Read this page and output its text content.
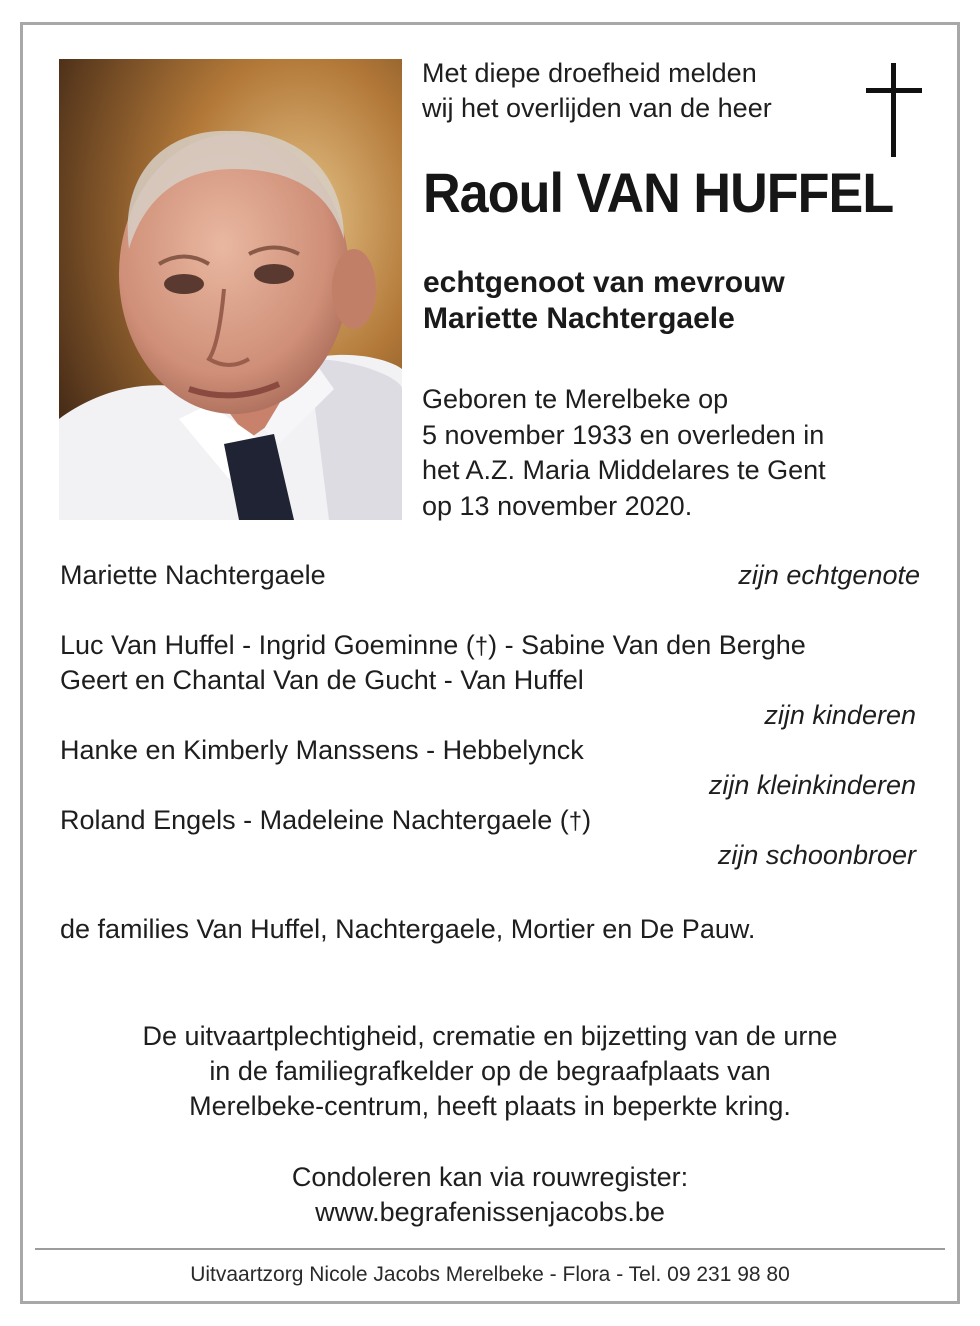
Met diepe droefheid melden
wij het overlijden van de heer
Raoul VAN HUFFEL
echtgenoot van mevrouw
Mariette Nachtergaele
Geboren te Merelbeke op
5 november 1933 en overleden in
het A.Z. Maria Middelares te Gent
op 13 november 2020.
Mariette Nachtergaele	zijn echtgenote
Luc Van Huffel - Ingrid Goeminne (†) - Sabine Van den Berghe
Geert en Chantal Van de Gucht - Van Huffel
zijn kinderen
Hanke en Kimberly Manssens - Hebbelynck
zijn kleinkinderen
Roland Engels - Madeleine Nachtergaele (†)
zijn schoonbroer
de families Van Huffel, Nachtergaele, Mortier en De Pauw.
De uitvaartplechtigheid, crematie en bijzetting van de urne
in de familiegrafkelder op de begraafplaats van
Merelbeke-centrum, heeft plaats in beperkte kring.
Condoleren kan via rouwregister:
www.begrafenissenjacobs.be
Uitvaartzorg Nicole Jacobs Merelbeke - Flora - Tel. 09 231 98 80
